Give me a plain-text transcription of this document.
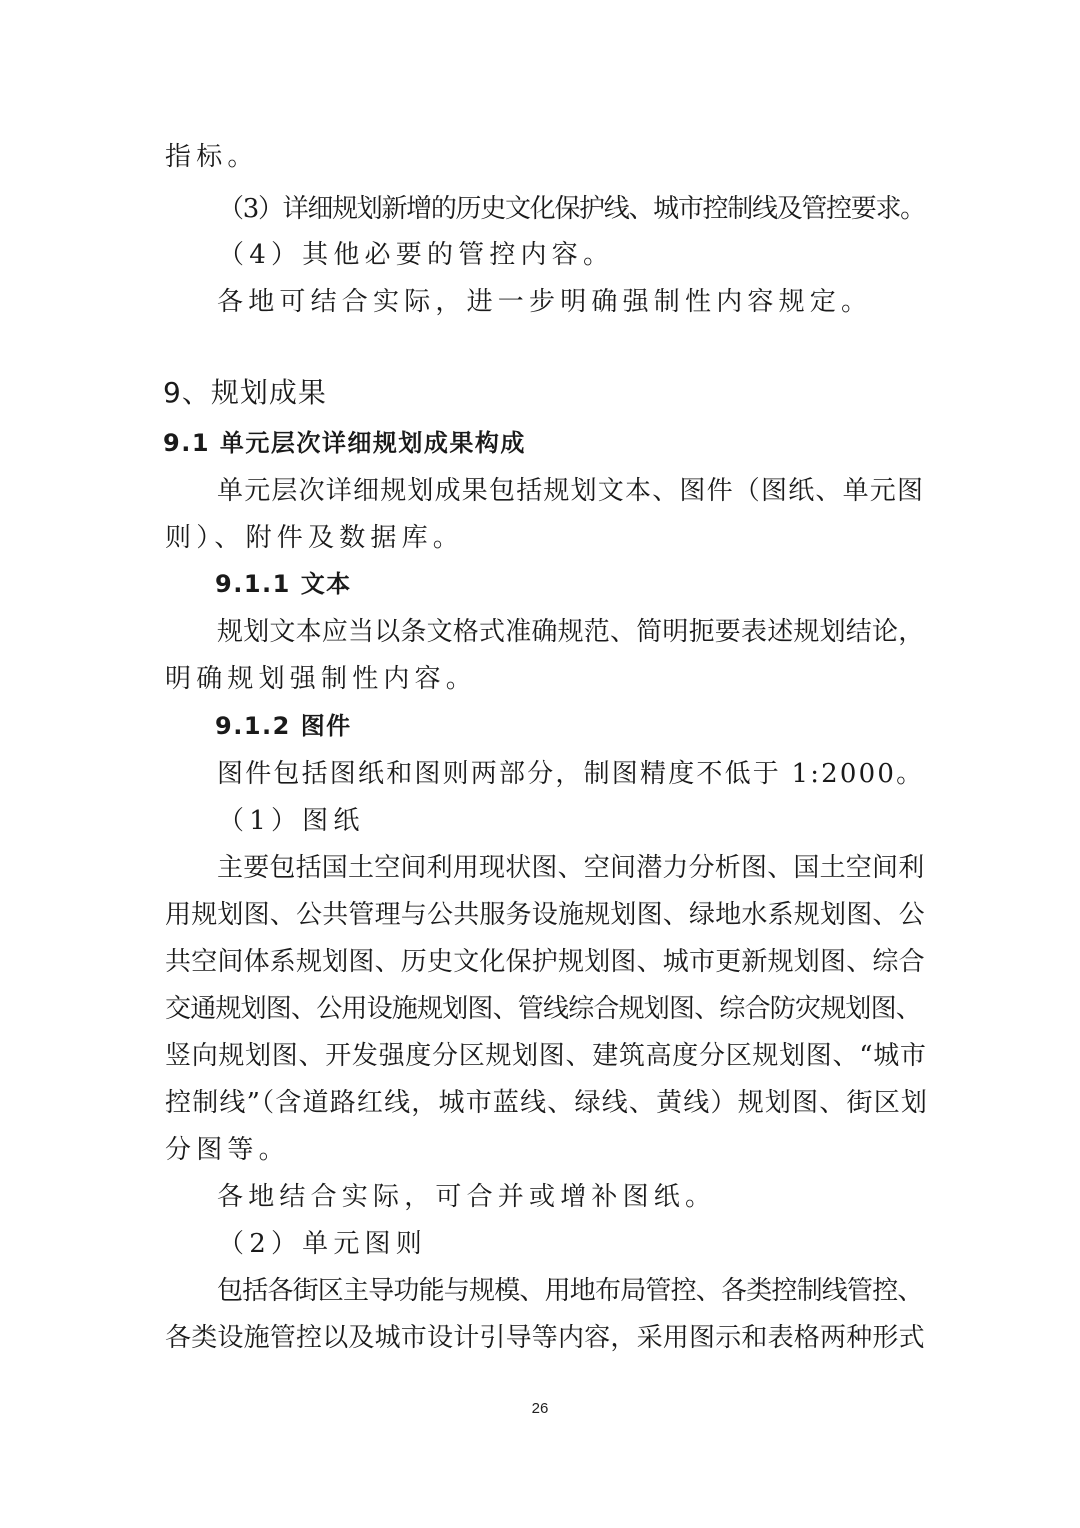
指标。
（3）详细规划新增的历史文化保护线、城市控制线及管控要求。
（4）其他必要的管控内容。
各地可结合实际，进一步明确强制性内容规定。
9、规划成果
9.1 单元层次详细规划成果构成
单元层次详细规划成果包括规划文本、图件（图纸、单元图
则）、附件及数据库。
9.1.1 文本
规划文本应当以条文格式准确规范、简明扼要表述规划结论，
明确规划强制性内容。
9.1.2 图件
图件包括图纸和图则两部分，制图精度不低于 1:2000。
（1）图纸
主要包括国土空间利用现状图、空间潜力分析图、国土空间利
用规划图、公共管理与公共服务设施规划图、绿地水系规划图、公
共空间体系规划图、历史文化保护规划图、城市更新规划图、综合
交通规划图、公用设施规划图、管线综合规划图、综合防灾规划图、
竖向规划图、开发强度分区规划图、建筑高度分区规划图、“城市
控制线”（含道路红线，城市蓝线、绿线、黄线）规划图、街区划
分图等。
各地结合实际，可合并或增补图纸。
（2）单元图则
包括各街区主导功能与规模、用地布局管控、各类控制线管控、
各类设施管控以及城市设计引导等内容，采用图示和表格两种形式
26
